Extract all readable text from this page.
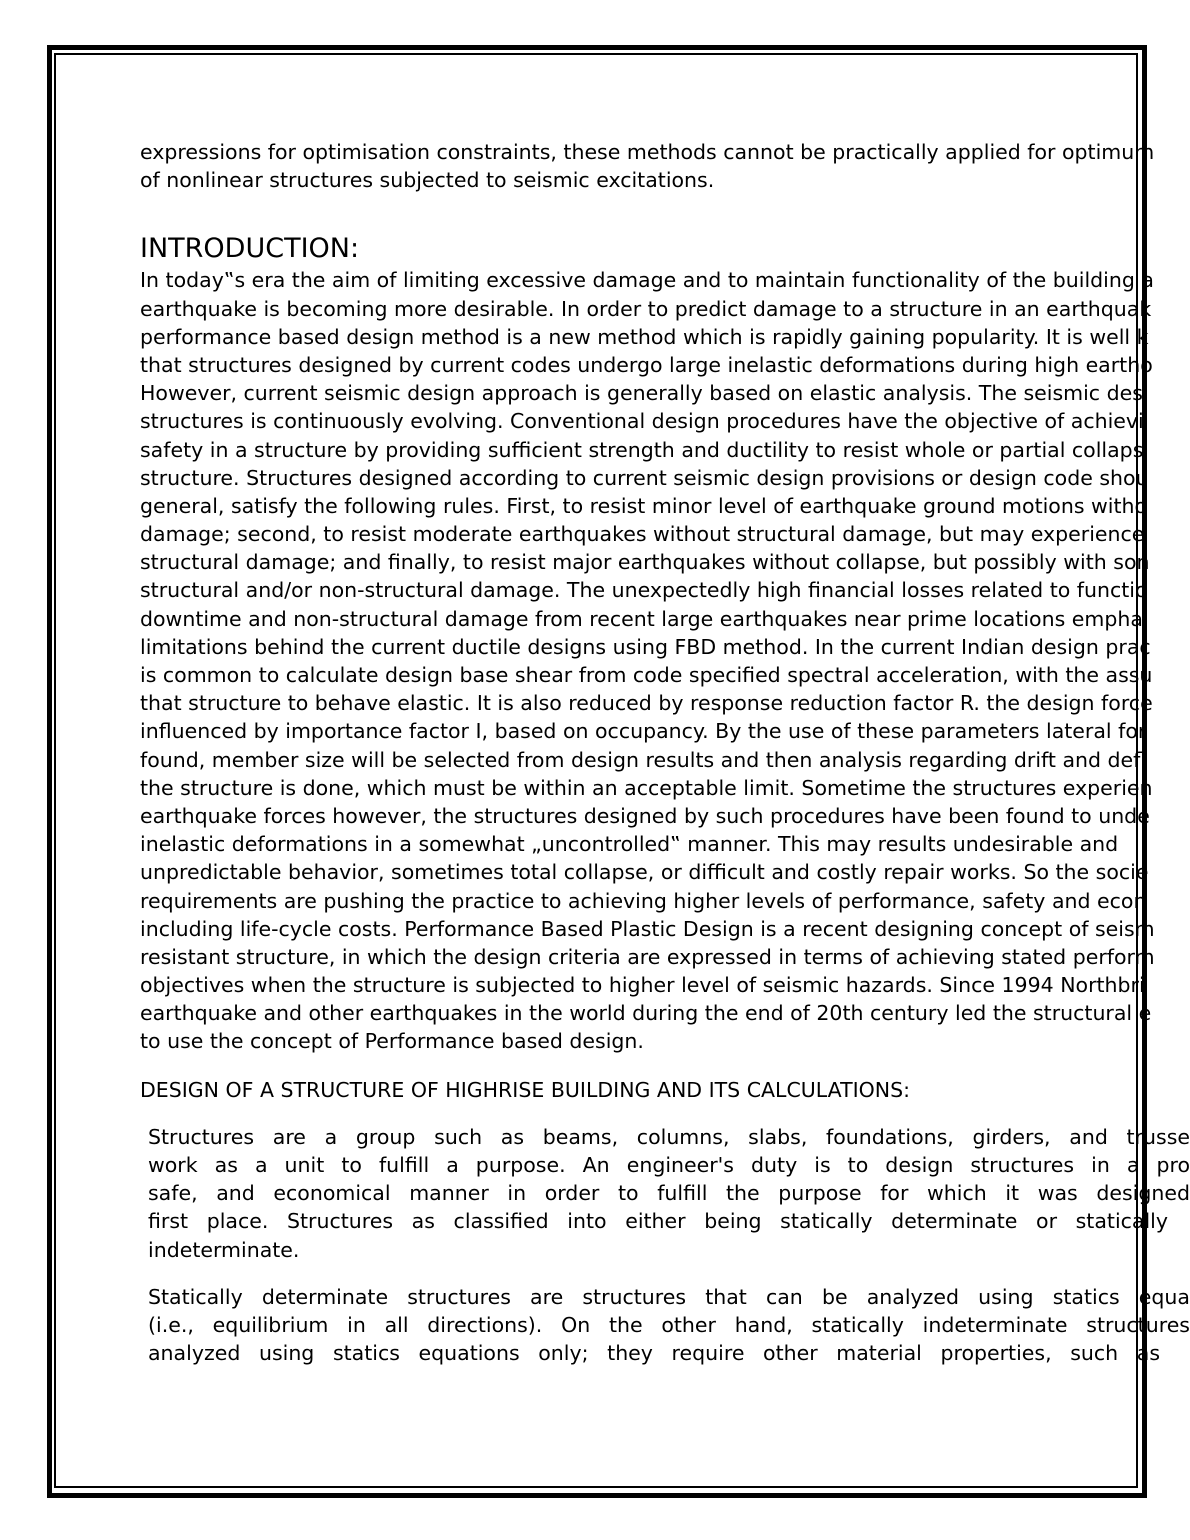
expressions for optimisation constraints, these methods cannot be practically applied for optimum
of nonlinear structures subjected to seismic excitations.
INTRODUCTION:
In today‟s era the aim of limiting excessive damage and to maintain functionality of the building a
earthquake is becoming more desirable. In order to predict damage to a structure in an earthquak
performance based design method is a new method which is rapidly gaining popularity. It is well k
that structures designed by current codes undergo large inelastic deformations during high eartho
However, current seismic design approach is generally based on elastic analysis. The seismic des
structures is continuously evolving. Conventional design procedures have the objective of achievi
safety in a structure by providing sufficient strength and ductility to resist whole or partial collaps
structure. Structures designed according to current seismic design provisions or design code shou
general, satisfy the following rules. First, to resist minor level of earthquake ground motions witho
damage; second, to resist moderate earthquakes without structural damage, but may experience
structural damage; and finally, to resist major earthquakes without collapse, but possibly with son
structural and/or non-structural damage. The unexpectedly high financial losses related to functio
downtime and non-structural damage from recent large earthquakes near prime locations empha
limitations behind the current ductile designs using FBD method. In the current Indian design prac
is common to calculate design base shear from code specified spectral acceleration, with the assu
that structure to behave elastic. It is also reduced by response reduction factor R. the design force
influenced by importance factor I, based on occupancy. By the use of these parameters lateral for
found, member size will be selected from design results and then analysis regarding drift and defl
the structure is done, which must be within an acceptable limit. Sometime the structures experien
earthquake forces however, the structures designed by such procedures have been found to unde
inelastic deformations in a somewhat „uncontrolled‟ manner. This may results undesirable and
unpredictable behavior, sometimes total collapse, or difficult and costly repair works. So the socie
requirements are pushing the practice to achieving higher levels of performance, safety and econ
including life-cycle costs. Performance Based Plastic Design is a recent designing concept of seism
resistant structure, in which the design criteria are expressed in terms of achieving stated perform
objectives when the structure is subjected to higher level of seismic hazards. Since 1994 Northbri
earthquake and other earthquakes in the world during the end of 20th century led the structural e
to use the concept of Performance based design.
DESIGN OF A STRUCTURE OF HIGHRISE BUILDING AND ITS CALCULATIONS:
Structures are a group such as beams, columns, slabs, foundations, girders, and trusse
work as a unit to fulfill a purpose. An engineer's duty is to design structures in a pro
safe, and economical manner in order to fulfill the purpose for which it was designed
first place. Structures as classified into either being statically determinate or statically
indeterminate.
Statically determinate structures are structures that can be analyzed using statics equa
(i.e., equilibrium in all directions). On the other hand, statically indeterminate structures
analyzed using statics equations only; they require other material properties, such as
